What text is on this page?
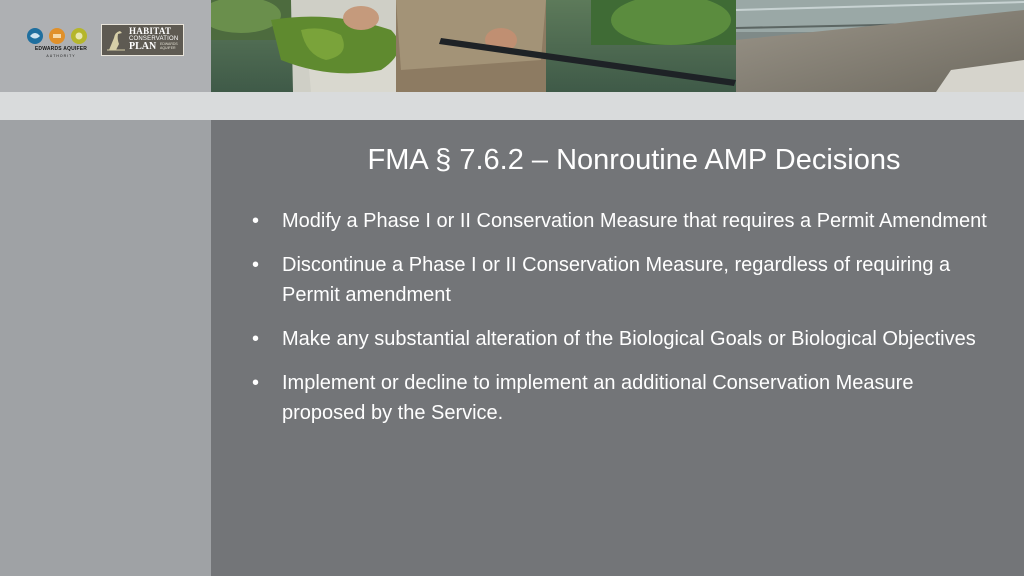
EDWARDS AQUIFER
AUTHORITY
HABITAT
CONSERVATION
PLAN EDWARDS AQUIFER
FMA § 7.6.2 – Nonroutine AMP Decisions
• Modify a Phase I or II Conservation Measure that requires a Permit Amendment
• Discontinue a Phase I or II Conservation Measure, regardless of requiring a Permit amendment
• Make any substantial alteration of the Biological Goals or Biological Objectives
• Implement or decline to implement an additional Conservation Measure proposed by the Service.
